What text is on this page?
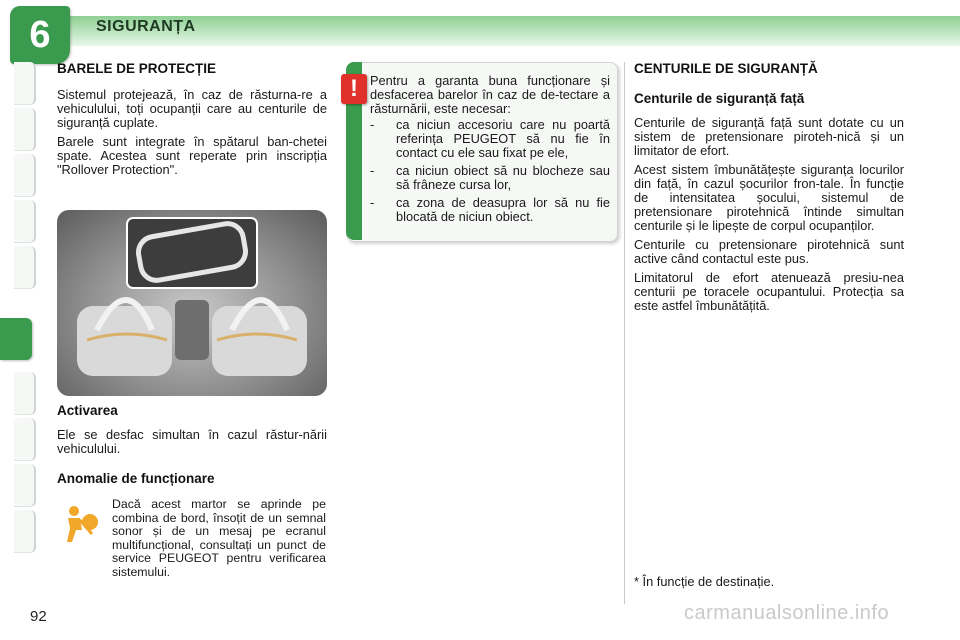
6	SIGURANȚA
BARELE DE PROTECȚIE

Sistemul protejează, în caz de răsturna-re a vehiculului, toți ocupanții care au centurile de siguranță cuplate.

Barele sunt integrate în spătarul ban-chetei spate. Acestea sunt reperate prin inscripția "Rollover Protection".

Activarea

Ele se desfac simultan în cazul răstur-nării vehiculului.

Anomalie de funcționare

Dacă acest martor se aprinde pe combina de bord, însoțit de un semnal sonor și de un mesaj pe ecranul multifuncțional, consultați un punct de service PEUGEOT pentru verificarea sistemului.

! Pentru a garanta buna funcționare și desfacerea barelor în caz de de-tectare a răsturnării, este necesar:

- ca niciun accesoriu care nu poartă referința PEUGEOT să nu fie în contact cu ele sau fixat pe ele,
- ca niciun obiect să nu blocheze sau să frâneze cursa lor,
- ca zona de deasupra lor să nu fie blocată de niciun obiect.
CENTURILE DE SIGURANȚĂ
Centurile de siguranță față

Centurile de siguranță față sunt dotate cu un sistem de pretensionare piroteh-nică și un limitator de efort.

Acest sistem îmbunătățește siguranța locurilor din față, în cazul șocurilor fron-tale. În funcție de intensitatea șocului, sistemul de pretensionare pirotehnică întinde simultan centurile și le lipește de corpul ocupanților.

Centurile cu pretensionare pirotehnică sunt active când contactul este pus.

Limitatorul de efort atenuează presiu-nea centurii pe toracele ocupantului. Protecția sa este astfel îmbunătățită.

* În funcție de destinație.
92	carmanualsonline.info
